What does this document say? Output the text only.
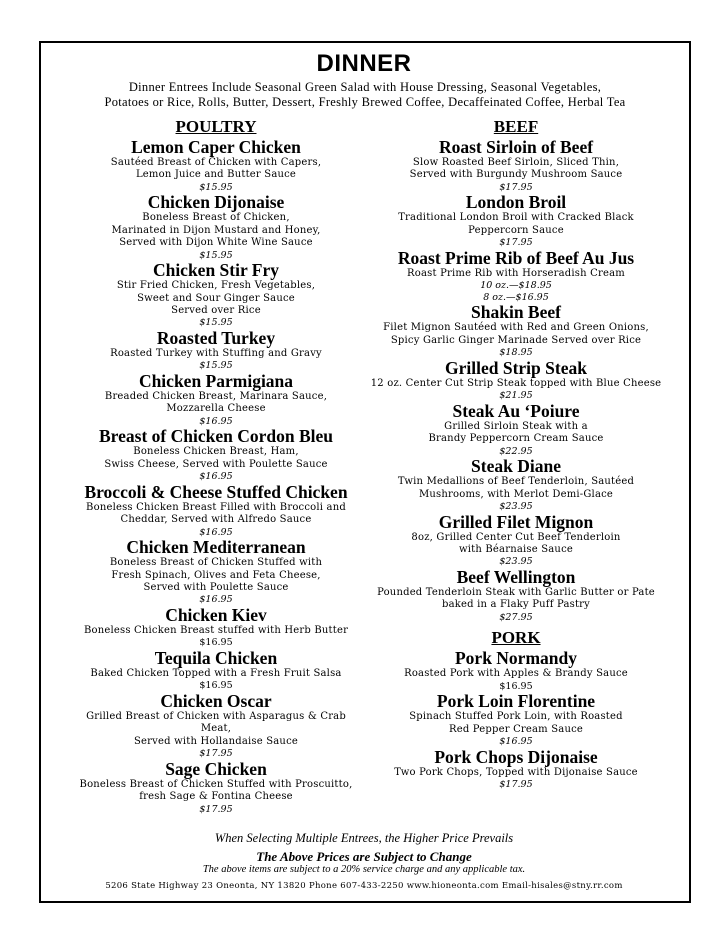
DINNER
Dinner Entrees Include Seasonal Green Salad with House Dressing, Seasonal Vegetables,
Potatoes or Rice, Rolls, Butter, Dessert, Freshly Brewed Coffee, Decaffeinated Coffee, Herbal Tea
POULTRY
Lemon Caper Chicken
Sautéed Breast of Chicken with Capers,
Lemon Juice and Butter Sauce
$15.95
Chicken Dijonaise
Boneless Breast of Chicken,
Marinated in Dijon Mustard and Honey,
Served with Dijon White Wine Sauce
$15.95
Chicken Stir Fry
Stir Fried Chicken, Fresh Vegetables,
Sweet and Sour Ginger Sauce
Served over Rice
$15.95
Roasted Turkey
Roasted Turkey with Stuffing and Gravy
$15.95
Chicken Parmigiana
Breaded Chicken Breast, Marinara Sauce,
Mozzarella Cheese
$16.95
Breast of Chicken Cordon Bleu
Boneless Chicken Breast, Ham,
Swiss Cheese, Served with Poulette Sauce
$16.95
Broccoli & Cheese Stuffed Chicken
Boneless Chicken Breast Filled with Broccoli and
Cheddar, Served with Alfredo Sauce
$16.95
Chicken Mediterranean
Boneless Breast of Chicken Stuffed with
Fresh Spinach, Olives and Feta Cheese,
Served with Poulette Sauce
$16.95
Chicken Kiev
Boneless Chicken Breast stuffed with Herb Butter
$16.95
Tequila Chicken
Baked Chicken Topped with a Fresh Fruit Salsa
$16.95
Chicken Oscar
Grilled Breast of Chicken with Asparagus & Crab Meat,
Served with Hollandaise Sauce
$17.95
Sage Chicken
Boneless Breast of Chicken Stuffed with Proscuitto,
fresh Sage & Fontina Cheese
$17.95
BEEF
Roast Sirloin of Beef
Slow Roasted Beef Sirloin, Sliced Thin,
Served with Burgundy Mushroom Sauce
$17.95
London Broil
Traditional London Broil with Cracked Black
Peppercorn Sauce
$17.95
Roast Prime Rib of Beef Au Jus
Roast Prime Rib with Horseradish Cream
10 oz.—$18.95
8 oz.—$16.95
Shakin Beef
Filet Mignon Sautéed with Red and Green Onions,
Spicy Garlic Ginger Marinade Served over Rice
$18.95
Grilled Strip Steak
12 oz. Center Cut Strip Steak topped with Blue Cheese
$21.95
Steak Au ‘Poiure
Grilled Sirloin Steak with a
Brandy Peppercorn Cream Sauce
$22.95
Steak Diane
Twin Medallions of Beef Tenderloin, Sautéed
Mushrooms, with Merlot Demi-Glace
$23.95
Grilled Filet Mignon
8oz, Grilled Center Cut Beef Tenderloin
with Béarnaise Sauce
$23.95
Beef Wellington
Pounded Tenderloin Steak with Garlic Butter or Pate
baked in a Flaky Puff Pastry
$27.95
PORK
Pork Normandy
Roasted Pork with Apples & Brandy Sauce
$16.95
Pork Loin Florentine
Spinach Stuffed Pork Loin, with Roasted
Red Pepper Cream Sauce
$16.95
Pork Chops Dijonaise
Two Pork Chops, Topped with Dijonaise Sauce
$17.95
When Selecting Multiple Entrees, the Higher Price Prevails
The Above Prices are Subject to Change
The above items are subject to a 20% service charge and any applicable tax.
5206 State Highway 23 Oneonta, NY 13820 Phone 607-433-2250 www.hioneonta.com Email-hisales@stny.rr.com
